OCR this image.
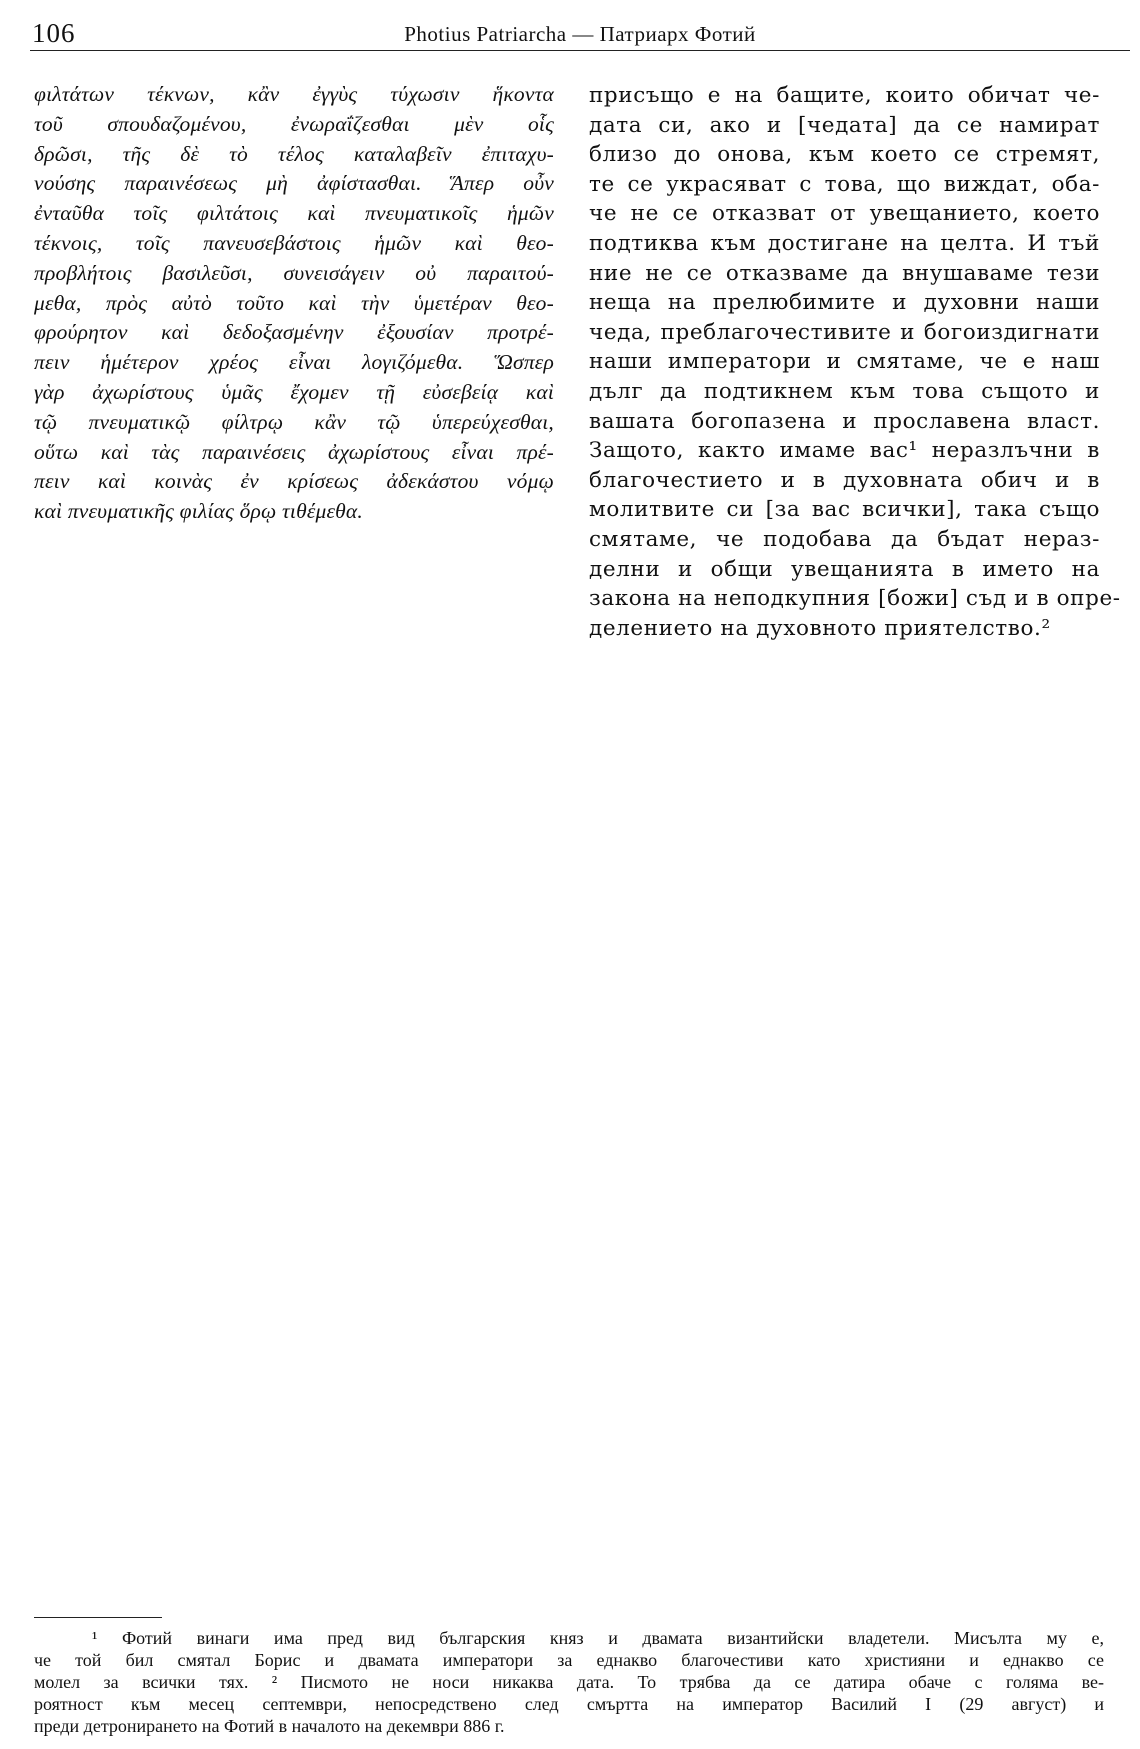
106	Photius Patriarcha — Патриарх Фотий
φιλτάτων τέκνων, κἂν ἐγγὺς τύχωσιν ἥκοντα
τοῦ σπουδαζομένου, ἐνωραΐζεσθαι μὲν οἷς
δρῶσι, τῆς δὲ τὸ τέλος καταλαβεῖν ἐπιταχυ-
νούσης παραινέσεως μὴ ἀφίστασθαι. Ἅπερ οὖν
ἐνταῦθα τοῖς φιλτάτοις καὶ πνευματικοῖς ἡμῶν
τέκνοις, τοῖς πανευσεβάστοις ἡμῶν καὶ θεο-
προβλήτοις βασιλεῦσι, συνεισάγειν οὐ παραιτού-
μεθα, πρὸς αὐτὸ τοῦτο καὶ τὴν ὑμετέραν θεο-
φρούρητον καὶ δεδοξασμένην ἐξουσίαν προτρέ-
πειν ἡμέτερον χρέος εἶναι λογιζόμεθα. Ὥσπερ
γὰρ ἀχωρίστους ὑμᾶς ἔχομεν τῇ εὐσεβείᾳ καὶ
τῷ πνευματικῷ φίλτρῳ κἂν τῷ ὑπερεύχεσθαι,
οὕτω καὶ τὰς παραινέσεις ἀχωρίστους εἶναι πρέ-
πειν καὶ κοινὰς ἐν κρίσεως ἀδεκάστου νόμῳ
καὶ πνευματικῆς φιλίας ὅρῳ τιθέμεθα.
присъщо е на бащите, които обичат че-
дата си, ако и [чедата] да се намират
близо до онова, към което се стремят,
те се украсяват с това, що виждат, оба-
че не се отказват от увещанието, което
подтиква към достигане на целта. И тъй
ние не се отказваме да внушаваме тези
неща на прелюбимите и духовни наши
чеда, преблагочестивите и богоиздигнати
наши императори и смятаме, че е наш
дълг да подтикнем към това същото и
вашата богопазена и прославена власт.
Защото, както имаме вас¹ неразлъчни в
благочестието и в духовната обич и в
молитвите си [за вас всички], така също
смятаме, че подобава да бъдат нераз-
делни и общи увещанията в името на
закона на неподкупния [божи] съд и в опре-
делението на духовното приятелство.²
¹ Фотий винаги има пред вид българския княз и двамата византийски владетели. Мисълта му е,
че той бил смятал Борис и двамата императори за еднакво благочестиви като християни и еднакво се
молел за всички тях. ² Писмото не носи никаква дата. То трябва да се датира обаче с голяма ве-
роятност към месец септември, непосредствено след смъртта на император Василий I (29 август) и
преди детронирането на Фотий в началото на декември 886 г.
